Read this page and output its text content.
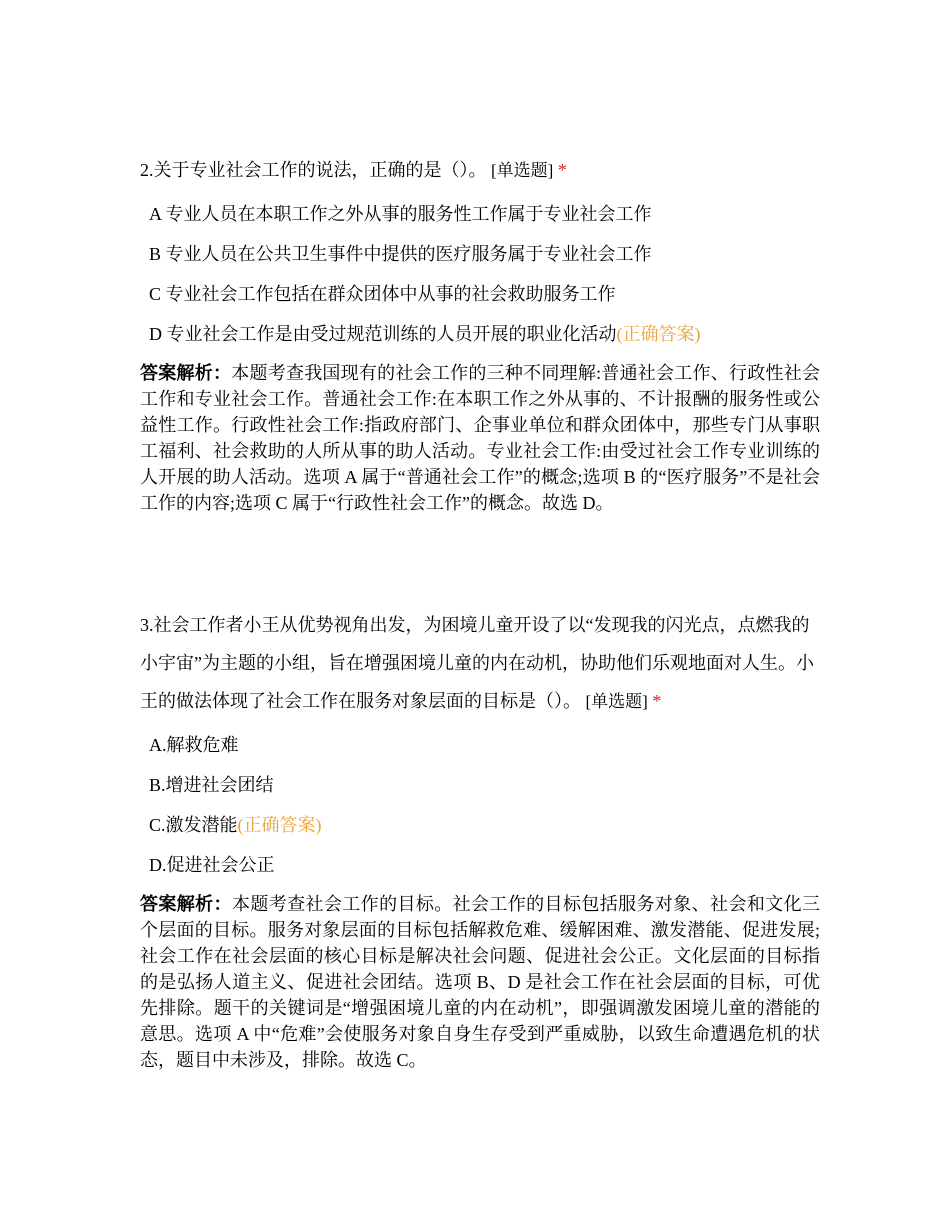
2.关于专业社会工作的说法，正确的是（）。 [单选题] *

A 专业人员在本职工作之外从事的服务性工作属于专业社会工作
B 专业人员在公共卫生事件中提供的医疗服务属于专业社会工作
C 专业社会工作包括在群众团体中从事的社会救助服务工作
D 专业社会工作是由受过规范训练的人员开展的职业化活动(正确答案)

答案解析：本题考查我国现有的社会工作的三种不同理解:普通社会工作、行政性社会工作和专业社会工作。普通社会工作:在本职工作之外从事的、不计报酬的服务性或公益性工作。行政性社会工作:指政府部门、企事业单位和群众团体中，那些专门从事职工福利、社会救助的人所从事的助人活动。专业社会工作:由受过社会工作专业训练的人开展的助人活动。选项 A 属于“普通社会工作”的概念;选项 B 的“医疗服务”不是社会工作的内容;选项 C 属于“行政性社会工作”的概念。故选 D。

3.社会工作者小王从优势视角出发，为困境儿童开设了以“发现我的闪光点，点燃我的小宇宙”为主题的小组，旨在增强困境儿童的内在动机，协助他们乐观地面对人生。小王的做法体现了社会工作在服务对象层面的目标是（）。 [单选题] *

A.解救危难
B.增进社会团结
C.激发潜能(正确答案)
D.促进社会公正

答案解析：本题考查社会工作的目标。社会工作的目标包括服务对象、社会和文化三个层面的目标。服务对象层面的目标包括解救危难、缓解困难、激发潜能、促进发展;社会工作在社会层面的核心目标是解决社会问题、促进社会公正。文化层面的目标指的是弘扬人道主义、促进社会团结。选项 B、D 是社会工作在社会层面的目标，可优先排除。题干的关键词是“增强困境儿童的内在动机”，即强调激发困境儿童的潜能的意思。选项 A 中“危难”会使服务对象自身生存受到严重威胁，以致生命遭遇危机的状态，题目中未涉及，排除。故选 C。
